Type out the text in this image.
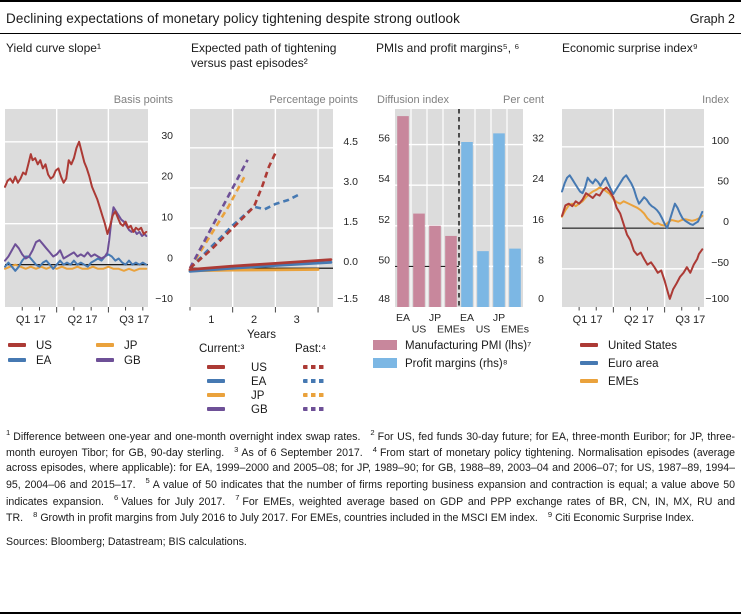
Declining expectations of monetary policy tightening despite strong outlook	Graph 2
Yield curve slope¹
Basis points
30
20
10
0
−10
Q1 17 Q2 17 Q3 17
US	JP
EA	GB
Expected path of tightening versus past episodes²
Percentage points
4.5
3.0
1.5
0.0
−1.5
1	2	3
Years
Current:³	Past:⁴
US
EA
JP
GB
PMIs and profit margins⁵, ⁶
Diffusion index	Per cent
56
54
52
50
48
32
24
16
8
0
EA	EA
US	US
JP	JP
EMEs	EMEs
Manufacturing PMI (lhs)⁷
Profit margins (rhs)⁸
Economic surprise index⁹
Index
100
50
0
−50
−100
Q1 17 Q2 17 Q3 17
United States
Euro area
EMEs
$^1$ Difference between one-year and one-month overnight index swap rates. $^2$ For US, fed funds 30-day future; for EA, three-month Euribor; for JP, three-month euroyen Tibor; for GB, 90-day sterling. $^3$ As of 6 September 2017. $^4$ From start of monetary policy tightening. Normalisation episodes (average across episodes, where applicable): for EA, 1999–2000 and 2005–08; for JP, 1989–90; for GB, 1988–89, 2003–04 and 2006–07; for US, 1987–89, 1994–95, 2004–06 and 2015–17. $^5$ A value of 50 indicates that the number of firms reporting business expansion and contraction is equal; a value above 50 indicates expansion. $^6$ Values for July 2017. $^7$ For EMEs, weighted average based on GDP and PPP exchange rates of BR, CN, IN, MX, RU and TR. $^8$ Growth in profit margins from July 2016 to July 2017. For EMEs, countries included in the MSCI EM index. $^9$ Citi Economic Surprise Index.
Sources: Bloomberg; Datastream; BIS calculations.
